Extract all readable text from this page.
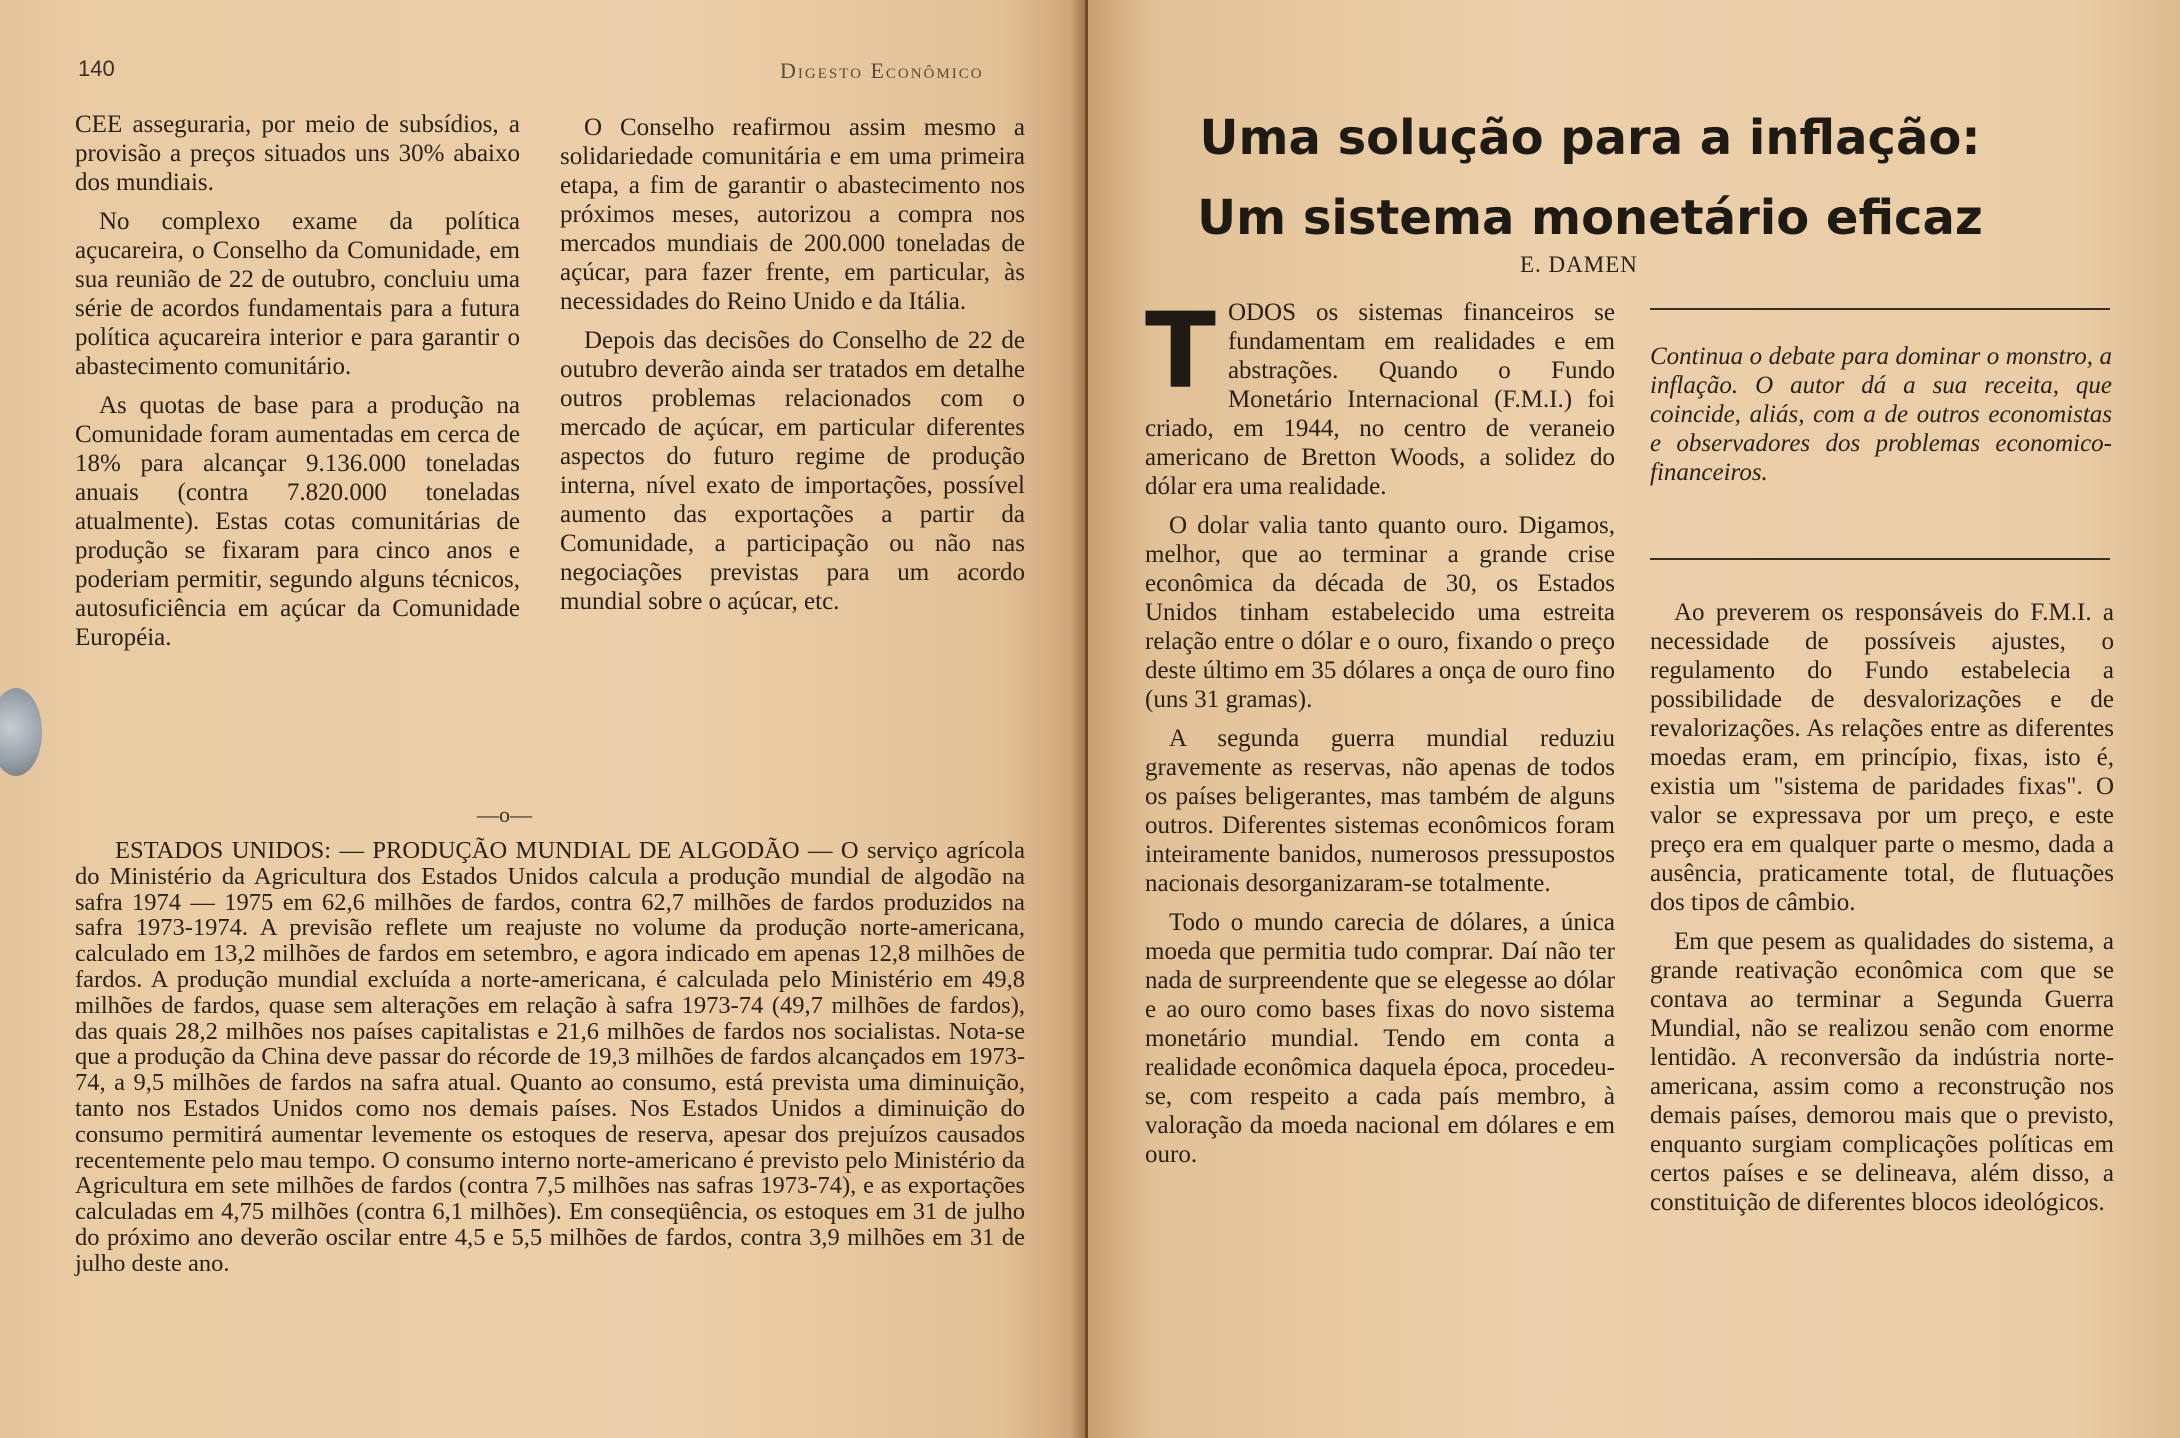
140	Digesto Econômico

CEE asseguraria, por meio de subsídios, a provisão a preços situados uns 30% abaixo dos mundiais.

No complexo exame da política açucareira, o Conselho da Comunidade, em sua reunião de 22 de outubro, concluiu uma série de acordos fundamentais para a futura política açucareira interior e para garantir o abastecimento comunitário.

As quotas de base para a produção na Comunidade foram aumentadas em cerca de 18% para alcançar 9.136.000 toneladas anuais (contra 7.820.000 toneladas atualmente). Estas cotas comunitárias de produção se fixaram para cinco anos e poderiam permitir, segundo alguns técnicos, autosuficiência em açúcar da Comunidade Européia.

O Conselho reafirmou assim mesmo a solidariedade comunitária e em uma primeira etapa, a fim de garantir o abastecimento nos próximos meses, autorizou a compra nos mercados mundiais de 200.000 toneladas de açúcar, para fazer frente, em particular, às necessidades do Reino Unido e da Itália.

Depois das decisões do Conselho de 22 de outubro deverão ainda ser tratados em detalhe outros problemas relacionados com o mercado de açúcar, em particular diferentes aspectos do futuro regime de produção interna, nível exato de importações, possível aumento das exportações a partir da Comunidade, a participação ou não nas negociações previstas para um acordo mundial sobre o açúcar, etc.

—o—

ESTADOS UNIDOS: — PRODUÇÃO MUNDIAL DE ALGODÃO — O serviço agrícola do Ministério da Agricultura dos Estados Unidos calcula a produção mundial de algodão na safra 1974 — 1975 em 62,6 milhões de fardos, contra 62,7 milhões de fardos produzidos na safra 1973-1974. A previsão reflete um reajuste no volume da produção norte-americana, calculado em 13,2 milhões de fardos em setembro, e agora indicado em apenas 12,8 milhões de fardos. A produção mundial excluída a norte-americana, é calculada pelo Ministério em 49,8 milhões de fardos, quase sem alterações em relação à safra 1973-74 (49,7 milhões de fardos), das quais 28,2 milhões nos países capitalistas e 21,6 milhões de fardos nos socialistas. Nota-se que a produção da China deve passar do récorde de 19,3 milhões de fardos alcançados em 1973-74, a 9,5 milhões de fardos na safra atual. Quanto ao consumo, está prevista uma diminuição, tanto nos Estados Unidos como nos demais países. Nos Estados Unidos a diminuição do consumo permitirá aumentar levemente os estoques de reserva, apesar dos prejuízos causados recentemente pelo mau tempo. O consumo interno norte-americano é previsto pelo Ministério da Agricultura em sete milhões de fardos (contra 7,5 milhões nas safras 1973-74), e as exportações calculadas em 4,75 milhões (contra 6,1 milhões). Em conseqüência, os estoques em 31 de julho do próximo ano deverão oscilar entre 4,5 e 5,5 milhões de fardos, contra 3,9 milhões em 31 de julho deste ano.

Uma solução para a inflação:
Um sistema monetário eficaz
E. DAMEN

TODOS os sistemas financeiros se fundamentam em realidades e em abstrações. Quando o Fundo Monetário Internacional (F.M.I.) foi criado, em 1944, no centro de veraneio americano de Bretton Woods, a solidez do dólar era uma realidade.

O dolar valia tanto quanto ouro. Digamos, melhor, que ao terminar a grande crise econômica da década de 30, os Estados Unidos tinham estabelecido uma estreita relação entre o dólar e o ouro, fixando o preço deste último em 35 dólares a onça de ouro fino (uns 31 gramas).

A segunda guerra mundial reduziu gravemente as reservas, não apenas de todos os países beligerantes, mas também de alguns outros. Diferentes sistemas econômicos foram inteiramente banidos, numerosos pressupostos nacionais desorganizaram-se totalmente.

Todo o mundo carecia de dólares, a única moeda que permitia tudo comprar. Daí não ter nada de surpreendente que se elegesse ao dólar e ao ouro como bases fixas do novo sistema monetário mundial. Tendo em conta a realidade econômica daquela época, procedeu-se, com respeito a cada país membro, à valoração da moeda nacional em dólares e em ouro.

Continua o debate para dominar o monstro, a inflação. O autor dá a sua receita, que coincide, aliás, com a de outros economistas e observadores dos problemas economico-financeiros.

Ao preverem os responsáveis do F.M.I. a necessidade de possíveis ajustes, o regulamento do Fundo estabelecia a possibilidade de desvalorizações e de revalorizações. As relações entre as diferentes moedas eram, em princípio, fixas, isto é, existia um "sistema de paridades fixas". O valor se expressava por um preço, e este preço era em qualquer parte o mesmo, dada a ausência, praticamente total, de flutuações dos tipos de câmbio.

Em que pesem as qualidades do sistema, a grande reativação econômica com que se contava ao terminar a Segunda Guerra Mundial, não se realizou senão com enorme lentidão. A reconversão da indústria norte-americana, assim como a reconstrução nos demais países, demorou mais que o previsto, enquanto surgiam complicações políticas em certos países e se delineava, além disso, a constituição de diferentes blocos ideológicos.
